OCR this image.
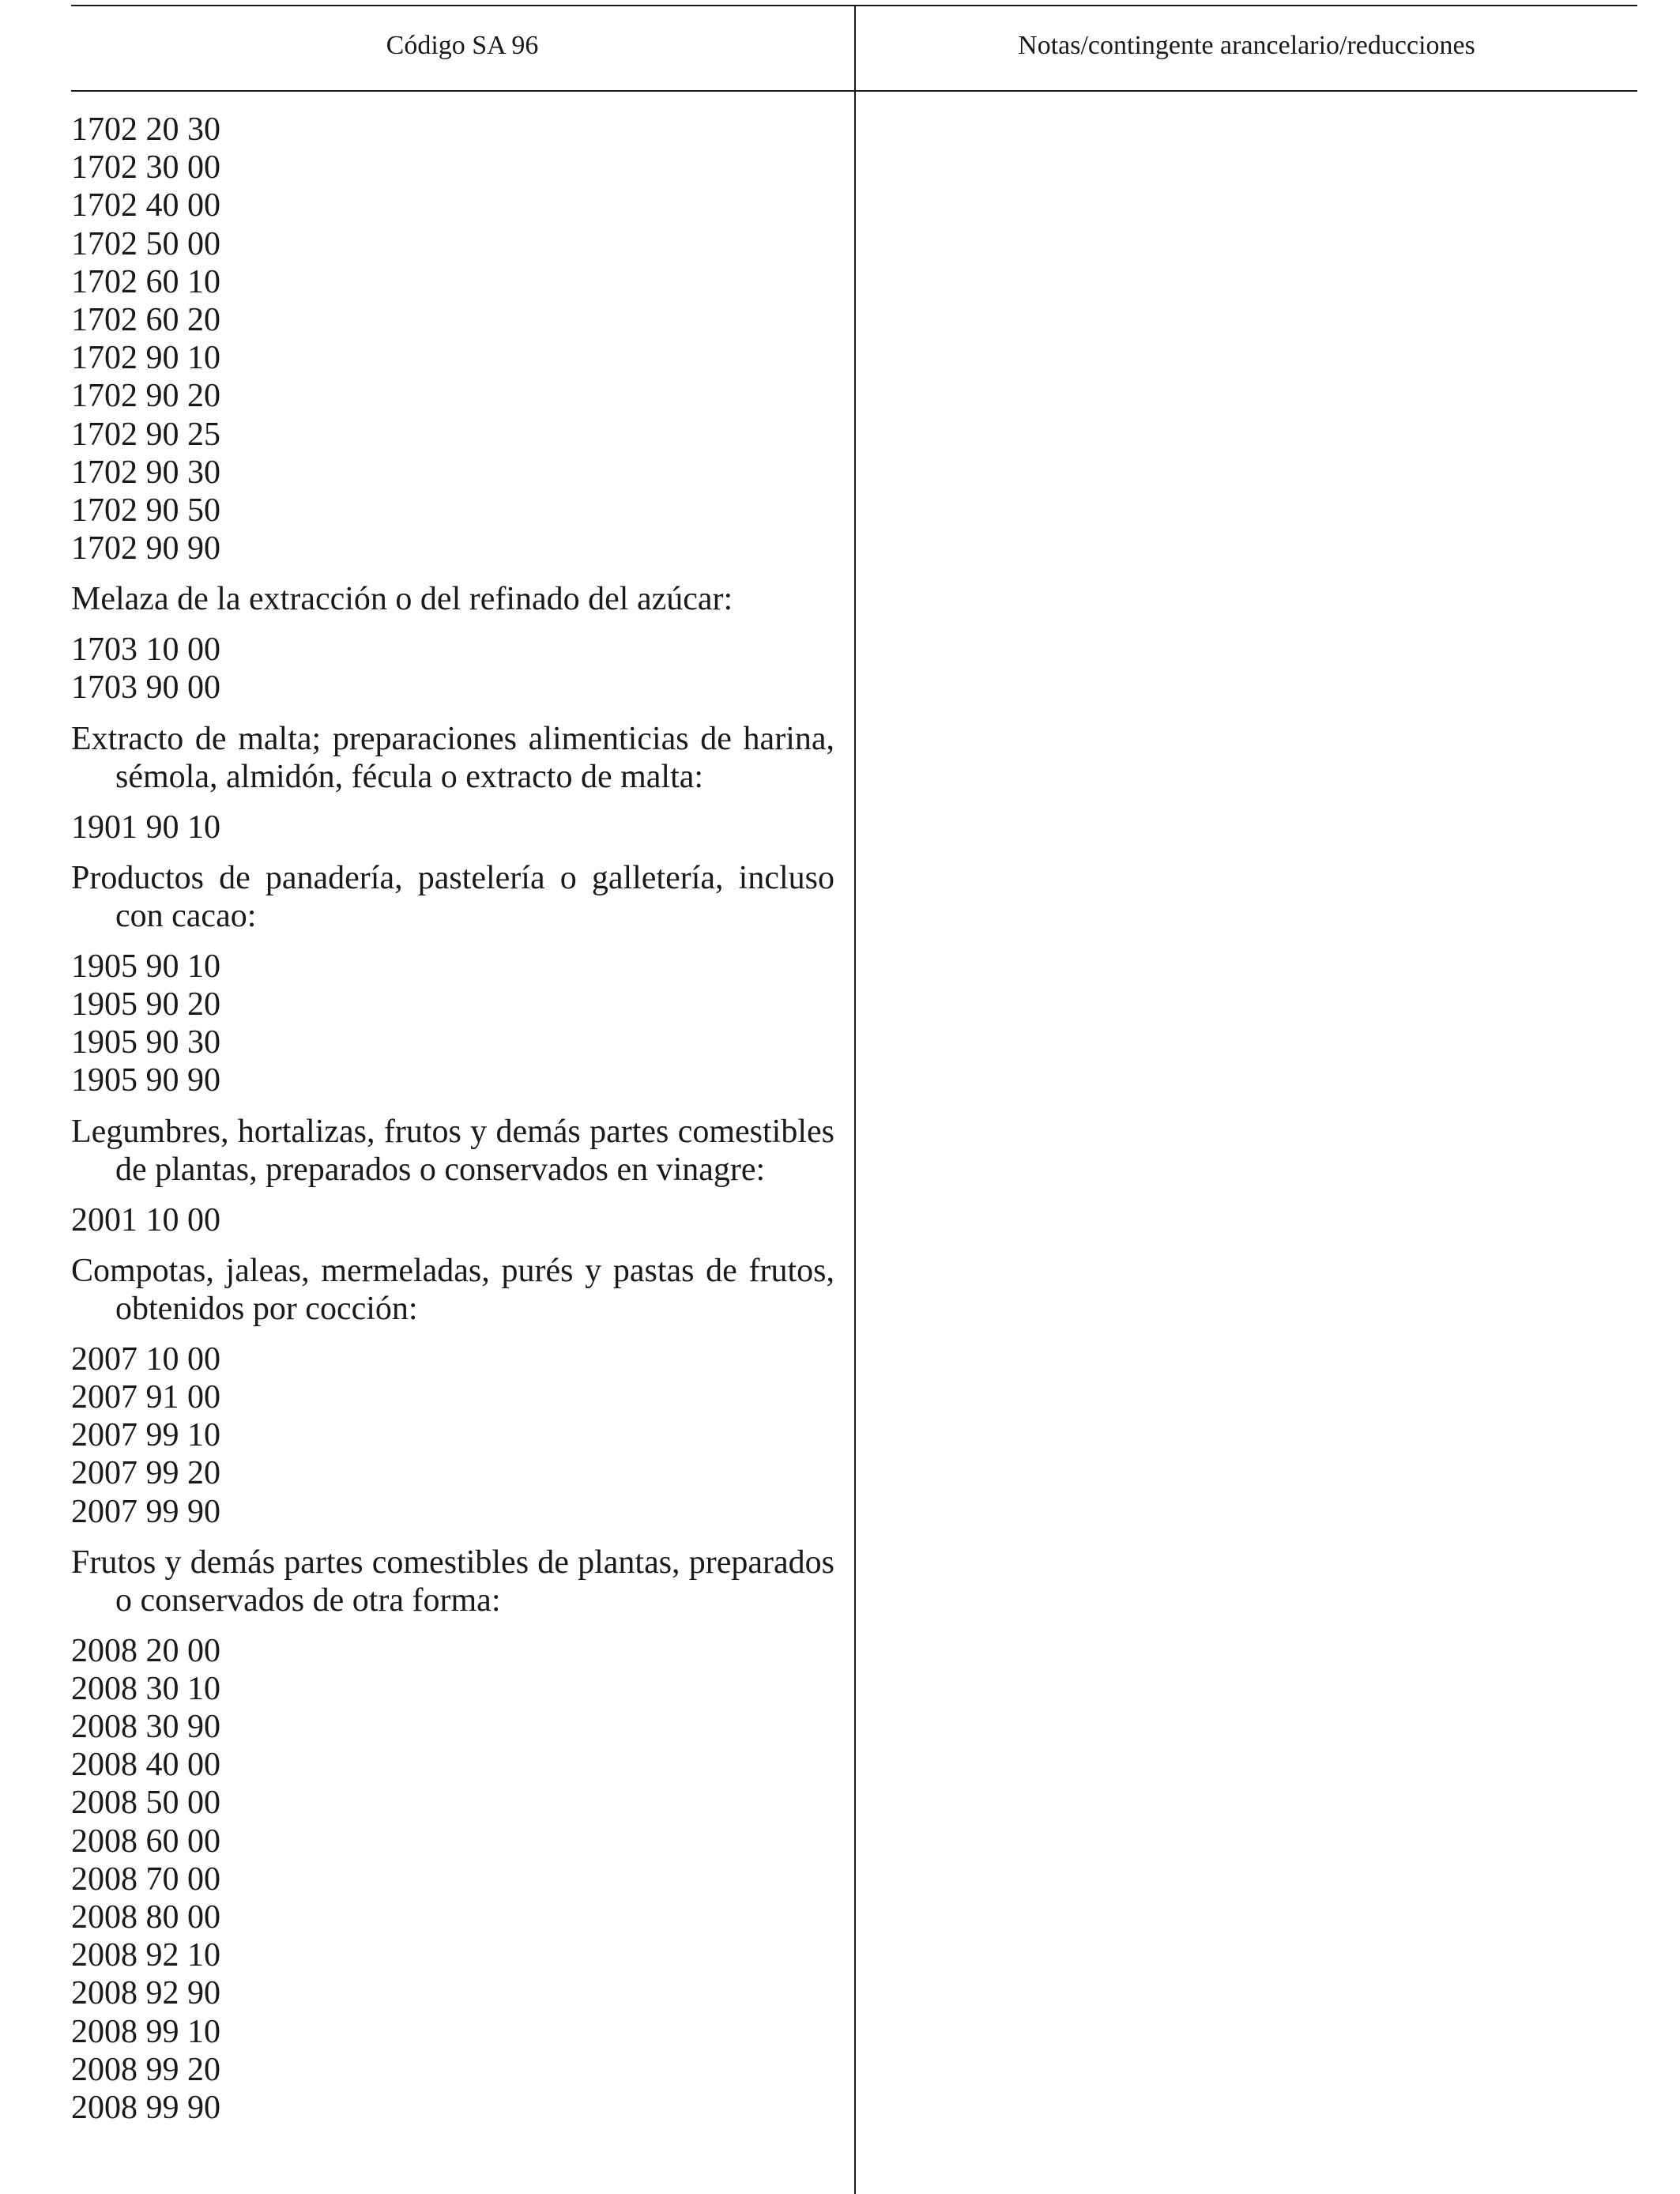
Código SA 96	Notas/contingente arancelario/reducciones
1702 20 30
1702 30 00
1702 40 00
1702 50 00
1702 60 10
1702 60 20
1702 90 10
1702 90 20
1702 90 25
1702 90 30
1702 90 50
1702 90 90
Melaza de la extracción o del refinado del azúcar:
1703 10 00
1703 90 00
Extracto de malta; preparaciones alimenticias de harina, sémola, almidón, fécula o extracto de malta:
1901 90 10
Productos de panadería, pastelería o galletería, incluso con cacao:
1905 90 10
1905 90 20
1905 90 30
1905 90 90
Legumbres, hortalizas, frutos y demás partes comestibles de plantas, preparados o conservados en vinagre:
2001 10 00
Compotas, jaleas, mermeladas, purés y pastas de frutos, obtenidos por cocción:
2007 10 00
2007 91 00
2007 99 10
2007 99 20
2007 99 90
Frutos y demás partes comestibles de plantas, preparados o conservados de otra forma:
2008 20 00
2008 30 10
2008 30 90
2008 40 00
2008 50 00
2008 60 00
2008 70 00
2008 80 00
2008 92 10
2008 92 90
2008 99 10
2008 99 20
2008 99 90
